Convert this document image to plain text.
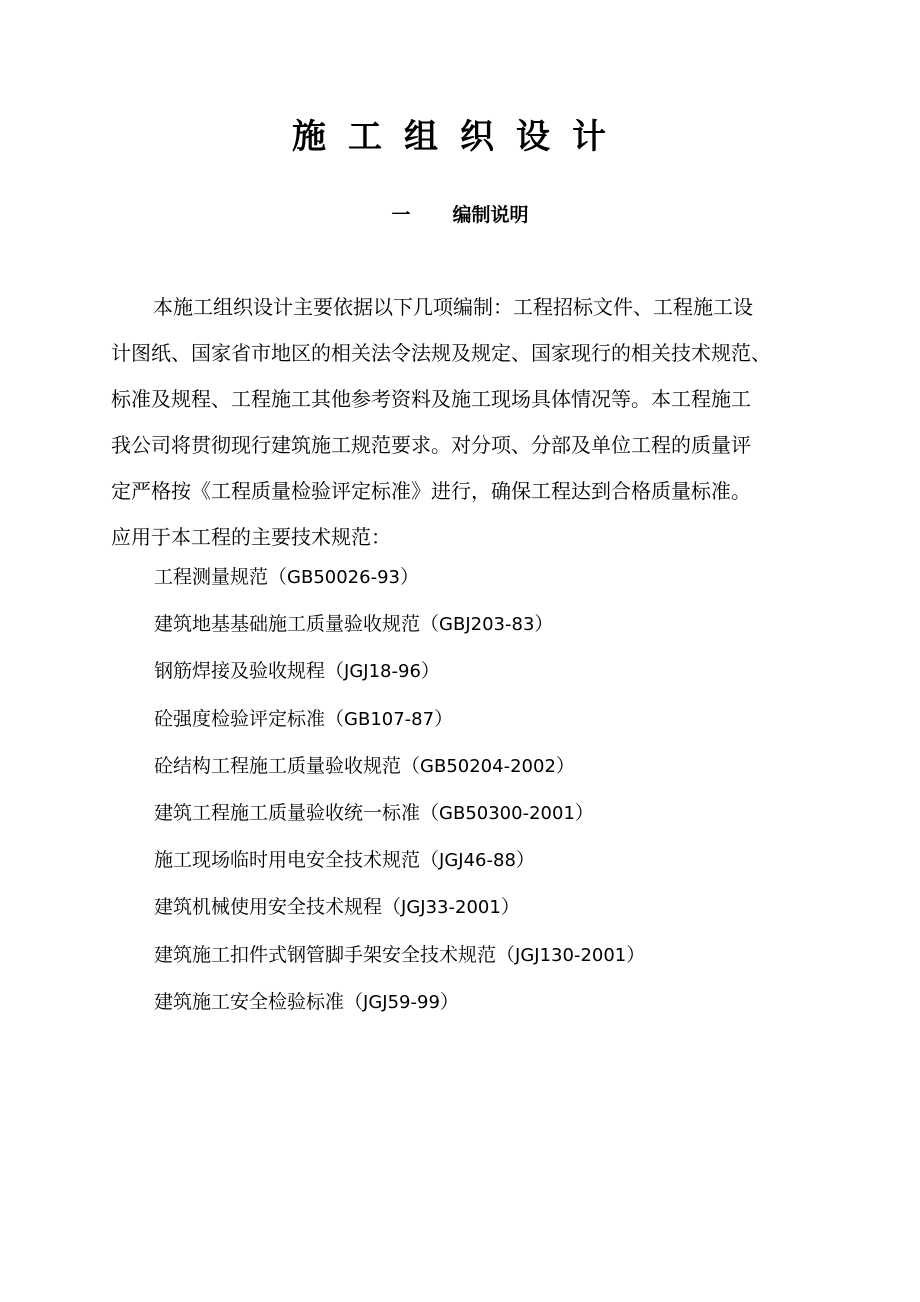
施工组织设计
一 编制说明
本施工组织设计主要依据以下几项编制：工程招标文件、工程施工设
计图纸、国家省市地区的相关法令法规及规定、国家现行的相关技术规范、
标准及规程、工程施工其他参考资料及施工现场具体情况等。本工程施工
我公司将贯彻现行建筑施工规范要求。对分项、分部及单位工程的质量评
定严格按《工程质量检验评定标准》进行，确保工程达到合格质量标准。
应用于本工程的主要技术规范：
工程测量规范（GB50026-93）
建筑地基基础施工质量验收规范（GBJ203-83）
钢筋焊接及验收规程（JGJ18-96）
砼强度检验评定标准（GB107-87）
砼结构工程施工质量验收规范（GB50204-2002）
建筑工程施工质量验收统一标准（GB50300-2001）
施工现场临时用电安全技术规范（JGJ46-88）
建筑机械使用安全技术规程（JGJ33-2001）
建筑施工扣件式钢管脚手架安全技术规范（JGJ130-2001）
建筑施工安全检验标准（JGJ59-99）
